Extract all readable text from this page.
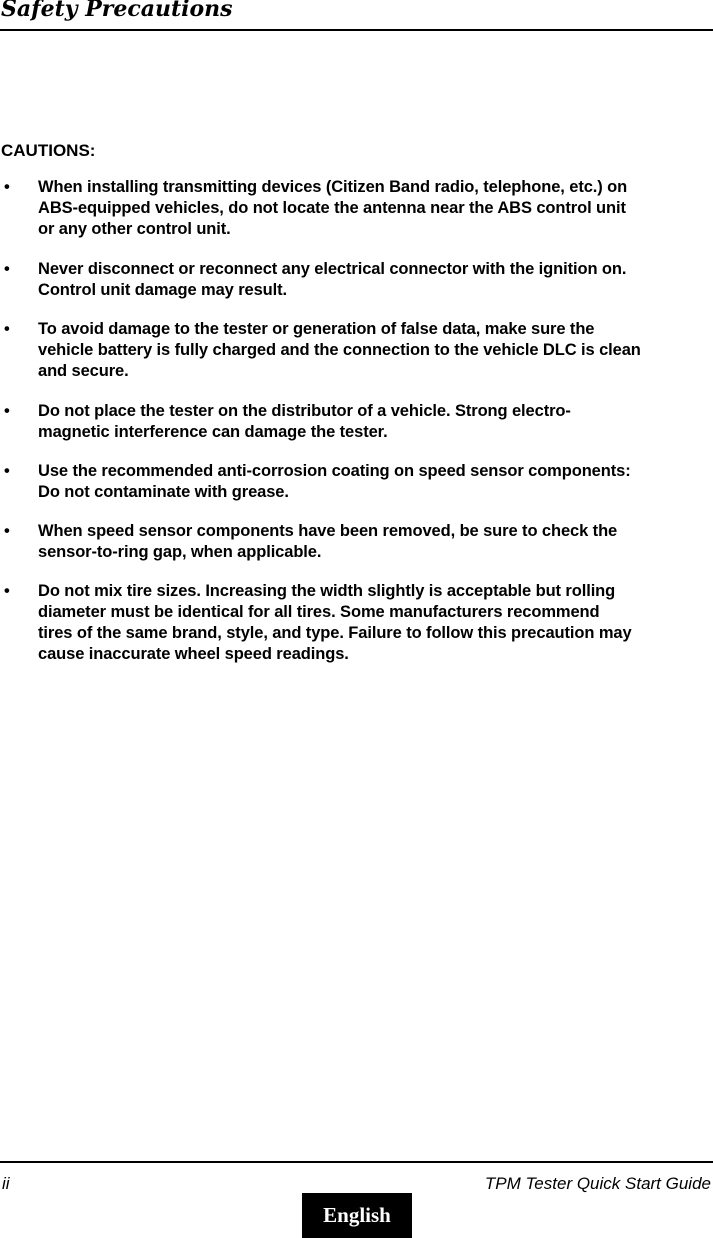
Safety Precautions
CAUTIONS:
• When installing transmitting devices (Citizen Band radio, telephone, etc.) on
ABS-equipped vehicles, do not locate the antenna near the ABS control unit
or any other control unit.

• Never disconnect or reconnect any electrical connector with the ignition on.
Control unit damage may result.

• To avoid damage to the tester or generation of false data, make sure the
vehicle battery is fully charged and the connection to the vehicle DLC is clean
and secure.

• Do not place the tester on the distributor of a vehicle. Strong electro-
magnetic interference can damage the tester.

• Use the recommended anti-corrosion coating on speed sensor components:
Do not contaminate with grease.

• When speed sensor components have been removed, be sure to check the
sensor-to-ring gap, when applicable.

• Do not mix tire sizes. Increasing the width slightly is acceptable but rolling
diameter must be identical for all tires. Some manufacturers recommend
tires of the same brand, style, and type. Failure to follow this precaution may
cause inaccurate wheel speed readings.

ii	TPM Tester Quick Start Guide
English
